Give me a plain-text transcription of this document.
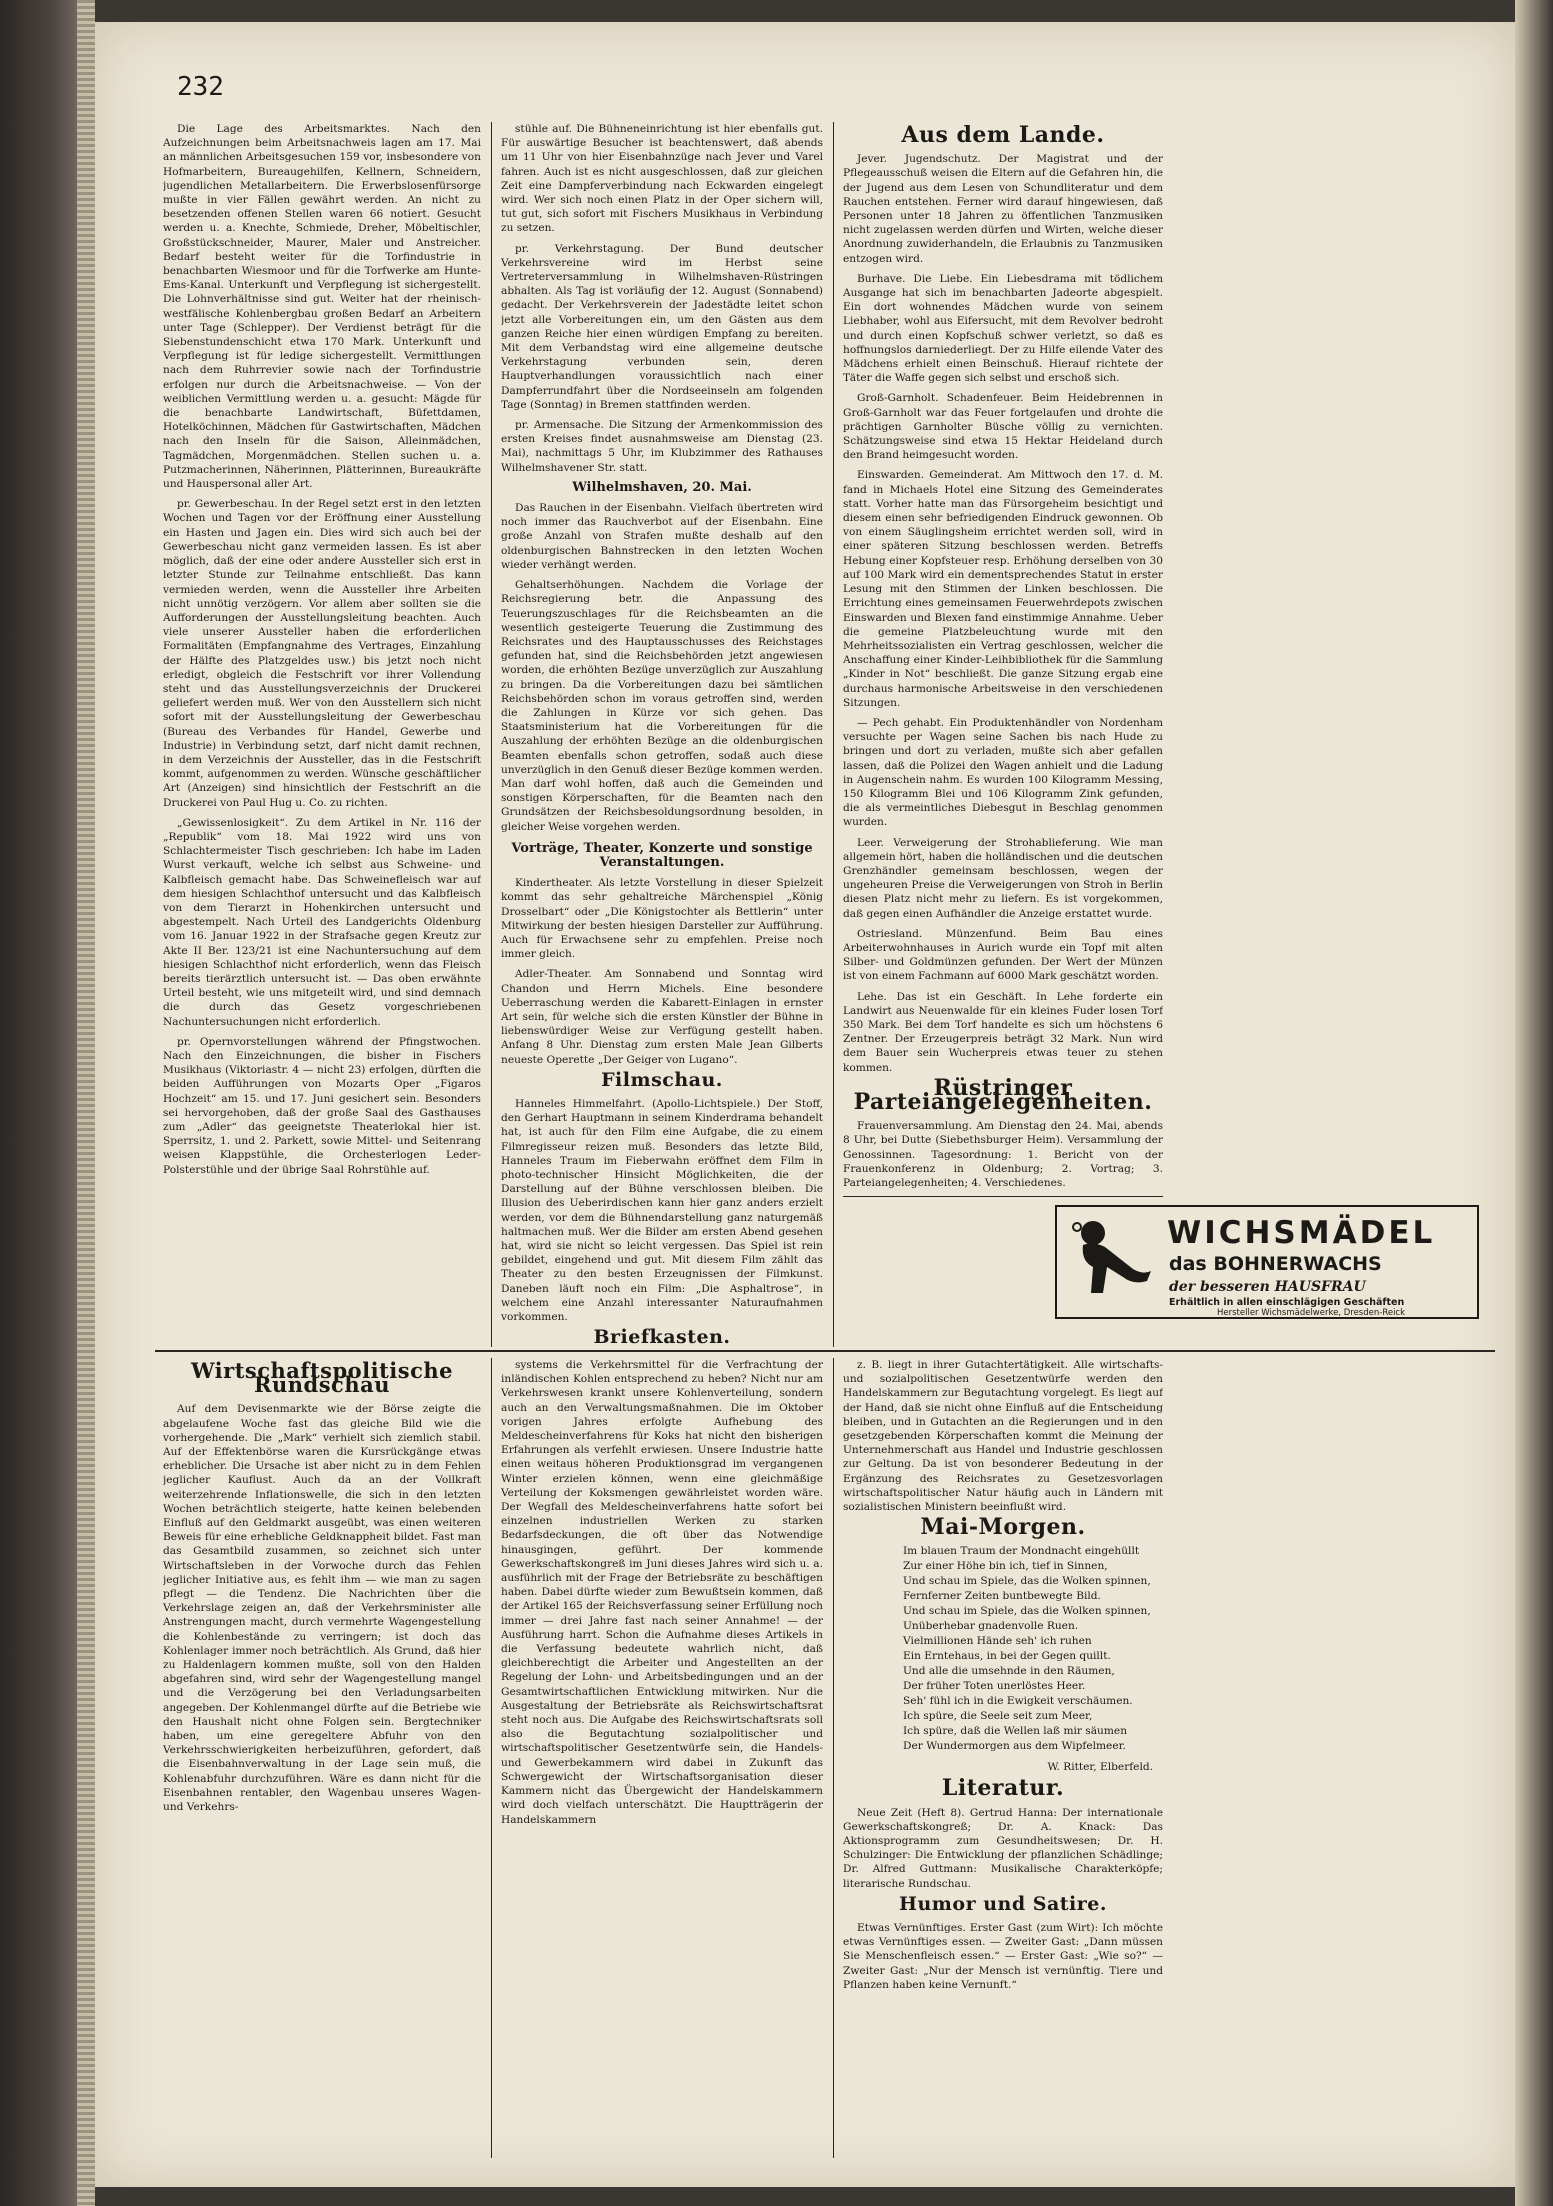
232

Die Lage des Arbeitsmarktes. Nach den Aufzeichnungen beim Arbeitsnachweis lagen am 17. Mai an männlichen Arbeitsgesuchen 159 vor, insbesondere von Hofmarbeitern, Bureaugehilfen, Kellnern, Schneidern, jugendlichen Metallarbeitern. Die Erwerbslosenfürsorge mußte in vier Fällen gewährt werden. An nicht zu besetzenden offenen Stellen waren 66 notiert. Gesucht werden u. a. Knechte, Schmiede, Dreher, Möbeltischler, Großstückschneider, Maurer, Maler und Anstreicher. Bedarf besteht weiter für die Torfindustrie in benachbarten Wiesmoor und für die Torfwerke am Hunte-Ems-Kanal. Unterkunft und Verpflegung ist sichergestellt. Die Lohnverhältnisse sind gut. Weiter hat der rheinisch-westfälische Kohlenbergbau großen Bedarf an Arbeitern unter Tage (Schlepper). Der Verdienst beträgt für die Siebenstundenschicht etwa 170 Mark. Unterkunft und Verpflegung ist für ledige sichergestellt. Vermittlungen nach dem Ruhrrevier sowie nach der Torfindustrie erfolgen nur durch die Arbeitsnachweise. — Von der weiblichen Vermittlung werden u. a. gesucht: Mägde für die benachbarte Landwirtschaft, Büfettdamen, Hotelköchinnen, Mädchen für Gastwirtschaften, Mädchen nach den Inseln für die Saison, Alleinmädchen, Tagmädchen, Morgenmädchen. Stellen suchen u. a. Putzmacherinnen, Näherinnen, Plätterinnen, Bureaukräfte und Hauspersonal aller Art.

pr. Gewerbeschau. In der Regel setzt erst in den letzten Wochen und Tagen vor der Eröffnung einer Ausstellung ein Hasten und Jagen ein. Dies wird sich auch bei der Gewerbeschau nicht ganz vermeiden lassen. Es ist aber möglich, daß der eine oder andere Aussteller sich erst in letzter Stunde zur Teilnahme entschließt. Das kann vermieden werden, wenn die Aussteller ihre Arbeiten nicht unnötig verzögern. Vor allem aber sollten sie die Aufforderungen der Ausstellungsleitung beachten. Auch viele unserer Aussteller haben die erforderlichen Formalitäten (Empfangnahme des Vertrages, Einzahlung der Hälfte des Platzgeldes usw.) bis jetzt noch nicht erledigt, obgleich die Festschrift vor ihrer Vollendung steht und das Ausstellungsverzeichnis der Druckerei geliefert werden muß. Wer von den Ausstellern sich nicht sofort mit der Ausstellungsleitung der Gewerbeschau (Bureau des Verbandes für Handel, Gewerbe und Industrie) in Verbindung setzt, darf nicht damit rechnen, in dem Verzeichnis der Aussteller, das in die Festschrift kommt, aufgenommen zu werden. Wünsche geschäftlicher Art (Anzeigen) sind hinsichtlich der Festschrift an die Druckerei von Paul Hug u. Co. zu richten.

„Gewissenlosigkeit“. Zu dem Artikel in Nr. 116 der „Republik“ vom 18. Mai 1922 wird uns von Schlachtermeister Tisch geschrieben: Ich habe im Laden Wurst verkauft, welche ich selbst aus Schweine- und Kalbfleisch gemacht habe. Das Schweinefleisch war auf dem hiesigen Schlachthof untersucht und das Kalbfleisch von dem Tierarzt in Hohenkirchen untersucht und abgestempelt. Nach Urteil des Landgerichts Oldenburg vom 16. Januar 1922 in der Strafsache gegen Kreutz zur Akte II Ber. 123/21 ist eine Nachuntersuchung auf dem hiesigen Schlachthof nicht erforderlich, wenn das Fleisch bereits tierärztlich untersucht ist. — Das oben erwähnte Urteil besteht, wie uns mitgeteilt wird, und sind demnach die durch das Gesetz vorgeschriebenen Nachuntersuchungen nicht erforderlich.

pr. Opernvorstellungen während der Pfingstwochen. Nach den Einzeichnungen, die bisher in Fischers Musikhaus (Viktoriastr. 4 — nicht 23) erfolgen, dürften die beiden Aufführungen von Mozarts Oper „Figaros Hochzeit“ am 15. und 17. Juni gesichert sein. Besonders sei hervorgehoben, daß der große Saal des Gasthauses zum „Adler“ das geeignetste Theaterlokal hier ist. Sperrsitz, 1. und 2. Parkett, sowie Mittel- und Seitenrang weisen Klappstühle, die Orchesterlogen Leder-Polsterstühle und der übrige Saal Rohrstühle auf.

stühle auf. Die Bühneneinrichtung ist hier ebenfalls gut. Für auswärtige Besucher ist beachtenswert, daß abends um 11 Uhr von hier Eisenbahnzüge nach Jever und Varel fahren. Auch ist es nicht ausgeschlossen, daß zur gleichen Zeit eine Dampferverbindung nach Eckwarden eingelegt wird. Wer sich noch einen Platz in der Oper sichern will, tut gut, sich sofort mit Fischers Musikhaus in Verbindung zu setzen.

pr. Verkehrstagung. Der Bund deutscher Verkehrsvereine wird im Herbst seine Vertreterversammlung in Wilhelmshaven-Rüstringen abhalten. Als Tag ist vorläufig der 12. August (Sonnabend) gedacht. Der Verkehrsverein der Jadestädte leitet schon jetzt alle Vorbereitungen ein, um den Gästen aus dem ganzen Reiche hier einen würdigen Empfang zu bereiten. Mit dem Verbandstag wird eine allgemeine deutsche Verkehrstagung verbunden sein, deren Hauptverhandlungen voraussichtlich nach einer Dampferrundfahrt über die Nordseeinseln am folgenden Tage (Sonntag) in Bremen stattfinden werden.

pr. Armensache. Die Sitzung der Armenkommission des ersten Kreises findet ausnahmsweise am Dienstag (23. Mai), nachmittags 5 Uhr, im Klubzimmer des Rathauses Wilhelmshavener Str. statt.

Wilhelmshaven, 20. Mai.

Das Rauchen in der Eisenbahn. Vielfach übertreten wird noch immer das Rauchverbot auf der Eisenbahn. Eine große Anzahl von Strafen mußte deshalb auf den oldenburgischen Bahnstrecken in den letzten Wochen wieder verhängt werden.

Gehaltserhöhungen. Nachdem die Vorlage der Reichsregierung betr. die Anpassung des Teuerungszuschlages für die Reichsbeamten an die wesentlich gesteigerte Teuerung die Zustimmung des Reichsrates und des Hauptausschusses des Reichstages gefunden hat, sind die Reichsbehörden jetzt angewiesen worden, die erhöhten Bezüge unverzüglich zur Auszahlung zu bringen. Da die Vorbereitungen dazu bei sämtlichen Reichsbehörden schon im voraus getroffen sind, werden die Zahlungen in Kürze vor sich gehen. Das Staatsministerium hat die Vorbereitungen für die Auszahlung der erhöhten Bezüge an die oldenburgischen Beamten ebenfalls schon getroffen, sodaß auch diese unverzüglich in den Genuß dieser Bezüge kommen werden. Man darf wohl hoffen, daß auch die Gemeinden und sonstigen Körperschaften, für die Beamten nach den Grundsätzen der Reichsbesoldungsordnung besolden, in gleicher Weise vorgehen werden.

Vorträge, Theater, Konzerte und sonstige Veranstaltungen.

Kindertheater. Als letzte Vorstellung in dieser Spielzeit kommt das sehr gehaltreiche Märchenspiel „König Drosselbart“ oder „Die Königstochter als Bettlerin“ unter Mitwirkung der besten hiesigen Darsteller zur Aufführung. Auch für Erwachsene sehr zu empfehlen. Preise noch immer gleich.

Adler-Theater. Am Sonnabend und Sonntag wird Chandon und Herrn Michels. Eine besondere Ueberraschung werden die Kabarett-Einlagen in ernster Art sein, für welche sich die ersten Künstler der Bühne in liebenswürdiger Weise zur Verfügung gestellt haben. Anfang 8 Uhr. Dienstag zum ersten Male Jean Gilberts neueste Operette „Der Geiger von Lugano“.

Filmschau.

Hanneles Himmelfahrt. (Apollo-Lichtspiele.) Der Stoff, den Gerhart Hauptmann in seinem Kinderdrama behandelt hat, ist auch für den Film eine Aufgabe, die zu einem Filmregisseur reizen muß. Besonders das letzte Bild, Hanneles Traum im Fieberwahn eröffnet dem Film in photo-technischer Hinsicht Möglichkeiten, die der Darstellung auf der Bühne verschlossen bleiben. Die Illusion des Ueberirdischen kann hier ganz anders erzielt werden, vor dem die Bühnendarstellung ganz naturgemäß haltmachen muß. Wer die Bilder am ersten Abend gesehen hat, wird sie nicht so leicht vergessen. Das Spiel ist rein gebildet, eingehend und gut. Mit diesem Film zählt das Theater zu den besten Erzeugnissen der Filmkunst. Daneben läuft noch ein Film: „Die Asphaltrose“, in welchem eine Anzahl interessanter Naturaufnahmen vorkommen.

Briefkasten.

Aus dem Lande.

Jever. Jugendschutz. Der Magistrat und der Pflegeausschuß weisen die Eltern auf die Gefahren hin, die der Jugend aus dem Lesen von Schundliteratur und dem Rauchen entstehen. Ferner wird darauf hingewiesen, daß Personen unter 18 Jahren zu öffentlichen Tanzmusiken nicht zugelassen werden dürfen und Wirten, welche dieser Anordnung zuwiderhandeln, die Erlaubnis zu Tanzmusiken entzogen wird.

Burhave. Die Liebe. Ein Liebesdrama mit tödlichem Ausgange hat sich im benachbarten Jadeorte abgespielt. Ein dort wohnendes Mädchen wurde von seinem Liebhaber, wohl aus Eifersucht, mit dem Revolver bedroht und durch einen Kopfschuß schwer verletzt, so daß es hoffnungslos darniederliegt. Der zu Hilfe eilende Vater des Mädchens erhielt einen Beinschuß. Hierauf richtete der Täter die Waffe gegen sich selbst und erschoß sich.

Groß-Garnholt. Schadenfeuer. Beim Heidebrennen in Groß-Garnholt war das Feuer fortgelaufen und drohte die prächtigen Garnholter Büsche völlig zu vernichten. Schätzungsweise sind etwa 15 Hektar Heideland durch den Brand heimgesucht worden.

Einswarden. Gemeinderat. Am Mittwoch den 17. d. M. fand in Michaels Hotel eine Sitzung des Gemeinderates statt. Vorher hatte man das Fürsorgeheim besichtigt und diesem einen sehr befriedigenden Eindruck gewonnen. Ob von einem Säuglingsheim errichtet werden soll, wird in einer späteren Sitzung beschlossen werden. Betreffs Hebung einer Kopfsteuer resp. Erhöhung derselben von 30 auf 100 Mark wird ein dementsprechendes Statut in erster Lesung mit den Stimmen der Linken beschlossen. Die Errichtung eines gemeinsamen Feuerwehrdepots zwischen Einswarden und Blexen fand einstimmige Annahme. Ueber die gemeine Platzbeleuchtung wurde mit den Mehrheitssozialisten ein Vertrag geschlossen, welcher die Anschaffung einer Kinder-Leihbibliothek für die Sammlung „Kinder in Not“ beschließt. Die ganze Sitzung ergab eine durchaus harmonische Arbeitsweise in den verschiedenen Sitzungen.

— Pech gehabt. Ein Produktenhändler von Nordenham versuchte per Wagen seine Sachen bis nach Hude zu bringen und dort zu verladen, mußte sich aber gefallen lassen, daß die Polizei den Wagen anhielt und die Ladung in Augenschein nahm. Es wurden 100 Kilogramm Messing, 150 Kilogramm Blei und 106 Kilogramm Zink gefunden, die als vermeintliches Diebesgut in Beschlag genommen wurden.

Leer. Verweigerung der Strohablieferung. Wie man allgemein hört, haben die holländischen und die deutschen Grenzhändler gemeinsam beschlossen, wegen der ungeheuren Preise die Verweigerungen von Stroh in Berlin diesen Platz nicht mehr zu liefern. Es ist vorgekommen, daß gegen einen Aufhändler die Anzeige erstattet wurde.

Ostriesland. Münzenfund. Beim Bau eines Arbeiterwohnhauses in Aurich wurde ein Topf mit alten Silber- und Goldmünzen gefunden. Der Wert der Münzen ist von einem Fachmann auf 6000 Mark geschätzt worden.

Lehe. Das ist ein Geschäft. In Lehe forderte ein Landwirt aus Neuenwalde für ein kleines Fuder losen Torf 350 Mark. Bei dem Torf handelte es sich um höchstens 6 Zentner. Der Erzeugerpreis beträgt 32 Mark. Nun wird dem Bauer sein Wucherpreis etwas teuer zu stehen kommen.

Rüstringer Parteiangelegenheiten.

Frauenversammlung. Am Dienstag den 24. Mai, abends 8 Uhr, bei Dutte (Siebethsburger Heim). Versammlung der Genossinnen. Tagesordnung: 1. Bericht von der Frauenkonferenz in Oldenburg; 2. Vortrag; 3. Parteiangelegenheiten; 4. Verschiedenes.

WICHSMÄDEL
das BOHNERWACHS
der besseren HAUSFRAU
Erhältlich in allen einschlägigen Geschäften
Hersteller Wichsmädelwerke, Dresden-Reick
Wirtschaftspolitische Rundschau

Auf dem Devisenmarkte wie der Börse zeigte die abgelaufene Woche fast das gleiche Bild wie die vorhergehende. Die „Mark“ verhielt sich ziemlich stabil. Auf der Effektenbörse waren die Kursrückgänge etwas erheblicher. Die Ursache ist aber nicht zu in dem Fehlen jeglicher Kauflust. Auch da an der Vollkraft weiterzehrende Inflationswelle, die sich in den letzten Wochen beträchtlich steigerte, hatte keinen belebenden Einfluß auf den Geldmarkt ausgeübt, was einen weiteren Beweis für eine erhebliche Geldknappheit bildet. Fast man das Gesamtbild zusammen, so zeichnet sich unter Wirtschaftsleben in der Vorwoche durch das Fehlen jeglicher Initiative aus, es fehlt ihm — wie man zu sagen pflegt — die Tendenz. Die Nachrichten über die Verkehrslage zeigen an, daß der Verkehrsminister alle Anstrengungen macht, durch vermehrte Wagengestellung die Kohlenbestände zu verringern; ist doch das Kohlenlager immer noch beträchtlich. Als Grund, daß hier zu Haldenlagern kommen mußte, soll von den Halden abgefahren sind, wird sehr der Wagengestellung mangel und die Verzögerung bei den Verladungsarbeiten angegeben. Der Kohlenmangel dürfte auf die Betriebe wie den Haushalt nicht ohne Folgen sein. Bergtechniker haben, um eine geregeltere Abfuhr von den Verkehrsschwierigkeiten herbeizuführen, gefordert, daß die Eisenbahnverwaltung in der Lage sein muß, die Kohlenabfuhr durchzuführen. Wäre es dann nicht für die Eisenbahnen rentabler, den Wagenbau unseres Wagen- und Verkehrs-

systems die Verkehrsmittel für die Verfrachtung der inländischen Kohlen entsprechend zu heben? Nicht nur am Verkehrswesen krankt unsere Kohlenverteilung, sondern auch an den Verwaltungsmaßnahmen. Die im Oktober vorigen Jahres erfolgte Aufhebung des Meldescheinverfahrens für Koks hat nicht den bisherigen Erfahrungen als verfehlt erwiesen. Unsere Industrie hatte einen weitaus höheren Produktionsgrad im vergangenen Winter erzielen können, wenn eine gleichmäßige Verteilung der Koksmengen gewährleistet worden wäre. Der Wegfall des Meldescheinverfahrens hatte sofort bei einzelnen industriellen Werken zu starken Bedarfsdeckungen, die oft über das Notwendige hinausgingen, geführt. Der kommende Gewerkschaftskongreß im Juni dieses Jahres wird sich u. a. ausführlich mit der Frage der Betriebsräte zu beschäftigen haben. Dabei dürfte wieder zum Bewußtsein kommen, daß der Artikel 165 der Reichsverfassung seiner Erfüllung noch immer — drei Jahre fast nach seiner Annahme! — der Ausführung harrt. Schon die Aufnahme dieses Artikels in die Verfassung bedeutete wahrlich nicht, daß gleichberechtigt die Arbeiter und Angestellten an der Regelung der Lohn- und Arbeitsbedingungen und an der Gesamtwirtschaftlichen Entwicklung mitwirken. Nur die Ausgestaltung der Betriebsräte als Reichswirtschaftsrat steht noch aus. Die Aufgabe des Reichswirtschaftsrats soll also die Begutachtung sozialpolitischer und wirtschaftspolitischer Gesetzentwürfe sein, die Handels- und Gewerbekammern wird dabei in Zukunft das Schwergewicht der Wirtschaftsorganisation dieser Kammern nicht das Übergewicht der Handelskammern wird doch vielfach unterschätzt. Die Hauptträgerin der Handelskammern

z. B. liegt in ihrer Gutachtertätigkeit. Alle wirtschafts- und sozialpolitischen Gesetzentwürfe werden den Handelskammern zur Begutachtung vorgelegt. Es liegt auf der Hand, daß sie nicht ohne Einfluß auf die Entscheidung bleiben, und in Gutachten an die Regierungen und in den gesetzgebenden Körperschaften kommt die Meinung der Unternehmerschaft aus Handel und Industrie geschlossen zur Geltung. Da ist von besonderer Bedeutung in der Ergänzung des Reichsrates zu Gesetzesvorlagen wirtschaftspolitischer Natur häufig auch in Ländern mit sozialistischen Ministern beeinflußt wird.

Mai-Morgen.
Im blauen Traum der Mondnacht eingehüllt
Zur einer Höhe bin ich, tief in Sinnen,
Und schau im Spiele, das die Wolken spinnen,
Fernferner Zeiten buntbewegte Bild.
Und schau im Spiele, das die Wolken spinnen,
Unüberhebar gnadenvolle Ruen.
Vielmillionen Hände seh' ich ruhen
Ein Erntehaus, in bei der Gegen quillt.
Und alle die umsehnde in den Räumen,
Der früher Toten unerlöstes Heer.
Seh' fühl ich in die Ewigkeit verschäumen.
Ich spüre, die Seele seit zum Meer,
Ich spüre, daß die Wellen laß mir säumen
Der Wundermorgen aus dem Wipfelmeer.
W. Ritter, Elberfeld.
Literatur.

Neue Zeit (Heft 8). Gertrud Hanna: Der internationale Gewerkschaftskongreß; Dr. A. Knack: Das Aktionsprogramm zum Gesundheitswesen; Dr. H. Schulzinger: Die Entwicklung der pflanzlichen Schädlinge; Dr. Alfred Guttmann: Musikalische Charakterköpfe; literarische Rundschau.

Humor und Satire.

Etwas Vernünftiges. Erster Gast (zum Wirt): Ich möchte etwas Vernünftiges essen. — Zweiter Gast: „Dann müssen Sie Menschenfleisch essen.“ — Erster Gast: „Wie so?“ — Zweiter Gast: „Nur der Mensch ist vernünftig. Tiere und Pflanzen haben keine Vernunft.“
